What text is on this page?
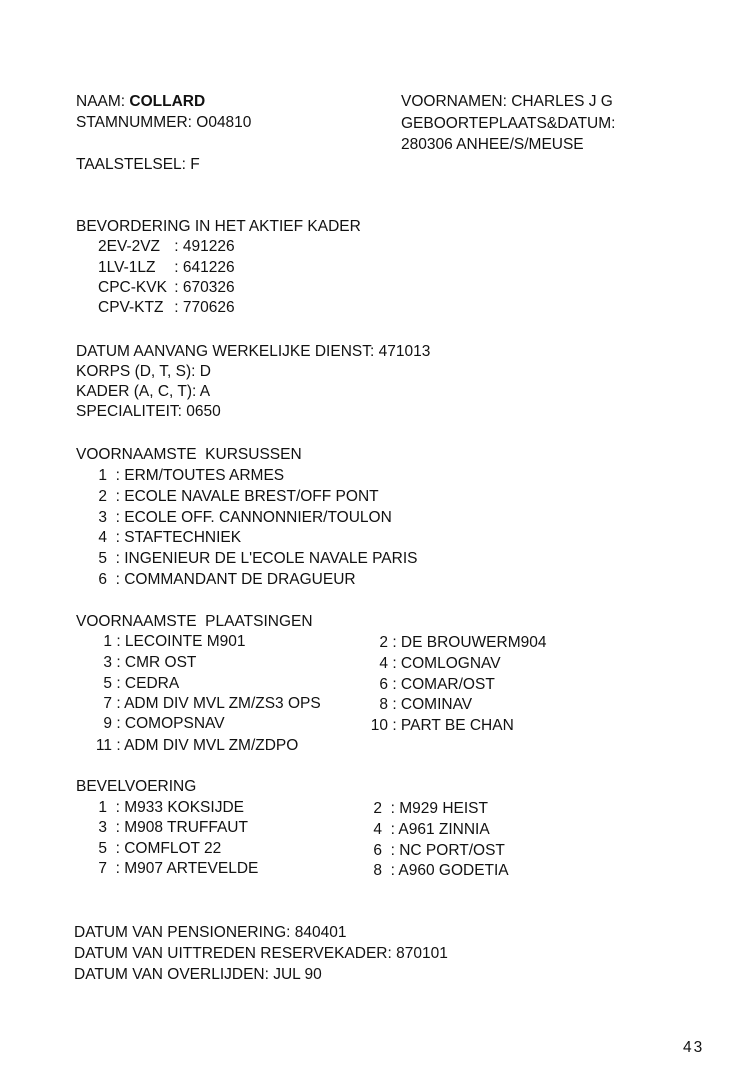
NAAM: COLLARD
STAMNUMMER: O04810
TAALSTELSEL: F
VOORNAMEN: CHARLES J G
GEBOORTEPLAATS&DATUM:
280306 ANHEE/S/MEUSE
BEVORDERING IN HET AKTIEF KADER
2EV-2VZ : 491226
1LV-1LZ : 641226
CPC-KVK : 670326
CPV-KTZ : 770626
DATUM AANVANG WERKELIJKE DIENST: 471013
KORPS (D, T, S): D
KADER (A, C, T): A
SPECIALITEIT: 0650
VOORNAAMSTE  KURSUSSEN
1 : ERM/TOUTES ARMES
2 : ECOLE NAVALE BREST/OFF PONT
3 : ECOLE OFF. CANNONNIER/TOULON
4 : STAFTECHNIEK
5 : INGENIEUR DE L'ECOLE NAVALE PARIS
6 : COMMANDANT DE DRAGUEUR
VOORNAAMSTE  PLAATSINGEN
1 : LECOINTE M901
3 : CMR OST
5 : CEDRA
7 : ADM DIV MVL ZM/ZS3 OPS
9 : COMOPSNAV
11 : ADM DIV MVL ZM/ZDPO
2 : DE BROUWERM904
4 : COMLOGNAV
6 : COMAR/OST
8 : COMINAV
10 : PART BE CHAN
BEVELVOERING
1 : M933 KOKSIJDE
3 : M908 TRUFFAUT
5 : COMFLOT 22
7 : M907 ARTEVELDE
2 : M929 HEIST
4 : A961 ZINNIA
6 : NC PORT/OST
8 : A960 GODETIA
DATUM VAN PENSIONERING: 840401
DATUM VAN UITTREDEN RESERVEKADER: 870101
DATUM VAN OVERLIJDEN: JUL 90
43
